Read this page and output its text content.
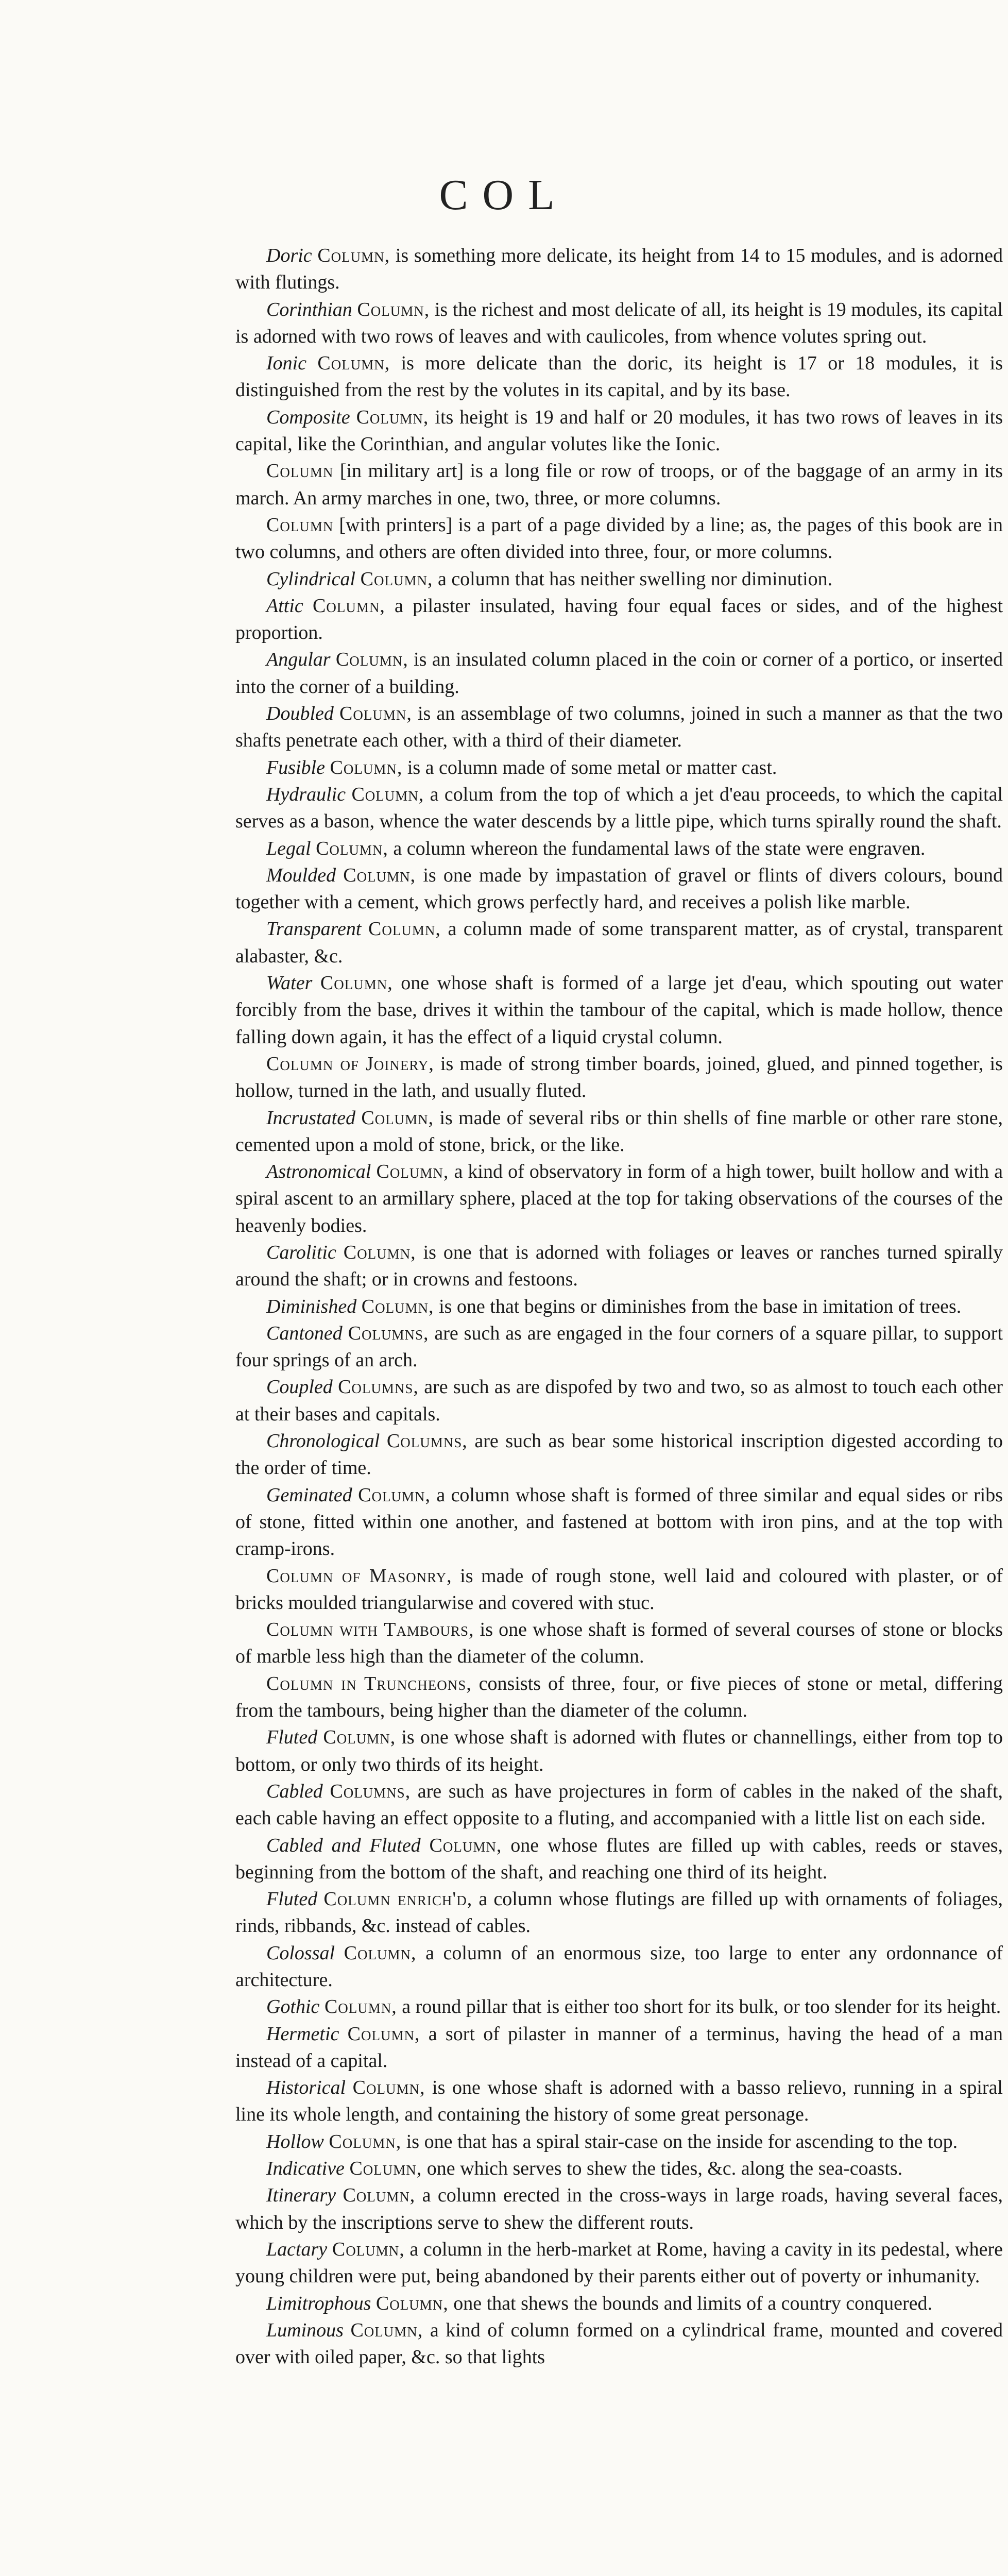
COL

Doric Column, is something more delicate, its height from 14 to 15 modules, and is adorned with flutings.

Corinthian Column, is the richest and most delicate of all, its height is 19 modules, its capital is adorned with two rows of leaves and with caulicoles, from whence volutes spring out.

Ionic Column, is more delicate than the doric, its height is 17 or 18 modules, it is distinguished from the rest by the volutes in its capital, and by its base.

Composite Column, its height is 19 and half or 20 modules, it has two rows of leaves in its capital, like the Corinthian, and angular volutes like the Ionic.

Column [in military art] is a long file or row of troops, or of the baggage of an army in its march. An army marches in one, two, three, or more columns.

Column [with printers] is a part of a page divided by a line; as, the pages of this book are in two columns, and others are often divided into three, four, or more columns.

Cylindrical Column, a column that has neither swelling nor diminution.

Attic Column, a pilaster insulated, having four equal faces or sides, and of the highest proportion.

Angular Column, is an insulated column placed in the coin or corner of a portico, or inserted into the corner of a building.

Doubled Column, is an assemblage of two columns, joined in such a manner as that the two shafts penetrate each other, with a third of their diameter.

Fusible Column, is a column made of some metal or matter cast.

Hydraulic Column, a colum from the top of which a jet d'eau proceeds, to which the capital serves as a bason, whence the water descends by a little pipe, which turns spirally round the shaft.

Legal Column, a column whereon the fundamental laws of the state were engraven.

Moulded Column, is one made by impastation of gravel or flints of divers colours, bound together with a cement, which grows perfectly hard, and receives a polish like marble.

Transparent Column, a column made of some transparent matter, as of crystal, transparent alabaster, &c.

Water Column, one whose shaft is formed of a large jet d'eau, which spouting out water forcibly from the base, drives it within the tambour of the capital, which is made hollow, thence falling down again, it has the effect of a liquid crystal column.

Column of Joinery, is made of strong timber boards, joined, glued, and pinned together, is hollow, turned in the lath, and usually fluted.

Incrustated Column, is made of several ribs or thin shells of fine marble or other rare stone, cemented upon a mold of stone, brick, or the like.

Astronomical Column, a kind of observatory in form of a high tower, built hollow and with a spiral ascent to an armillary sphere, placed at the top for taking observations of the courses of the heavenly bodies.

Carolitic Column, is one that is adorned with foliages or leaves or ranches turned spirally around the shaft; or in crowns and festoons.

Diminished Column, is one that begins or diminishes from the base in imitation of trees.

Cantoned Columns, are such as are engaged in the four corners of a square pillar, to support four springs of an arch.

Coupled Columns, are such as are dispofed by two and two, so as almost to touch each other at their bases and capitals.

Chronological Columns, are such as bear some historical inscription digested according to the order of time.

Geminated Column, a column whose shaft is formed of three similar and equal sides or ribs of stone, fitted within one another, and fastened at bottom with iron pins, and at the top with cramp-irons.

Column of Masonry, is made of rough stone, well laid and coloured with plaster, or of bricks moulded triangularwise and covered with stuc.

Column with Tambours, is one whose shaft is formed of several courses of stone or blocks of marble less high than the diameter of the column.

Column in Truncheons, consists of three, four, or five pieces of stone or metal, differing from the tambours, being higher than the diameter of the column.

Fluted Column, is one whose shaft is adorned with flutes or channellings, either from top to bottom, or only two thirds of its height.

Cabled Columns, are such as have projectures in form of cables in the naked of the shaft, each cable having an effect opposite to a fluting, and accompanied with a little list on each side.

Cabled and Fluted Column, one whose flutes are filled up with cables, reeds or staves, beginning from the bottom of the shaft, and reaching one third of its height.

Fluted Column enrich'd, a column whose flutings are filled up with ornaments of foliages, rinds, ribbands, &c. instead of cables.

Colossal Column, a column of an enormous size, too large to enter any ordonnance of architecture.

Gothic Column, a round pillar that is either too short for its bulk, or too slender for its height.

Hermetic Column, a sort of pilaster in manner of a terminus, having the head of a man instead of a capital.

Historical Column, is one whose shaft is adorned with a basso relievo, running in a spiral line its whole length, and containing the history of some great personage.

Hollow Column, is one that has a spiral stair-case on the inside for ascending to the top.

Indicative Column, one which serves to shew the tides, &c. along the sea-coasts.

Itinerary Column, a column erected in the cross-ways in large roads, having several faces, which by the inscriptions serve to shew the different routs.

Lactary Column, a column in the herb-market at Rome, having a cavity in its pedestal, where young children were put, being abandoned by their parents either out of poverty or inhumanity.

Limitrophous Column, one that shews the bounds and limits of a country conquered.

Luminous Column, a kind of column formed on a cylindrical frame, mounted and covered over with oiled paper, &c. so that lights
